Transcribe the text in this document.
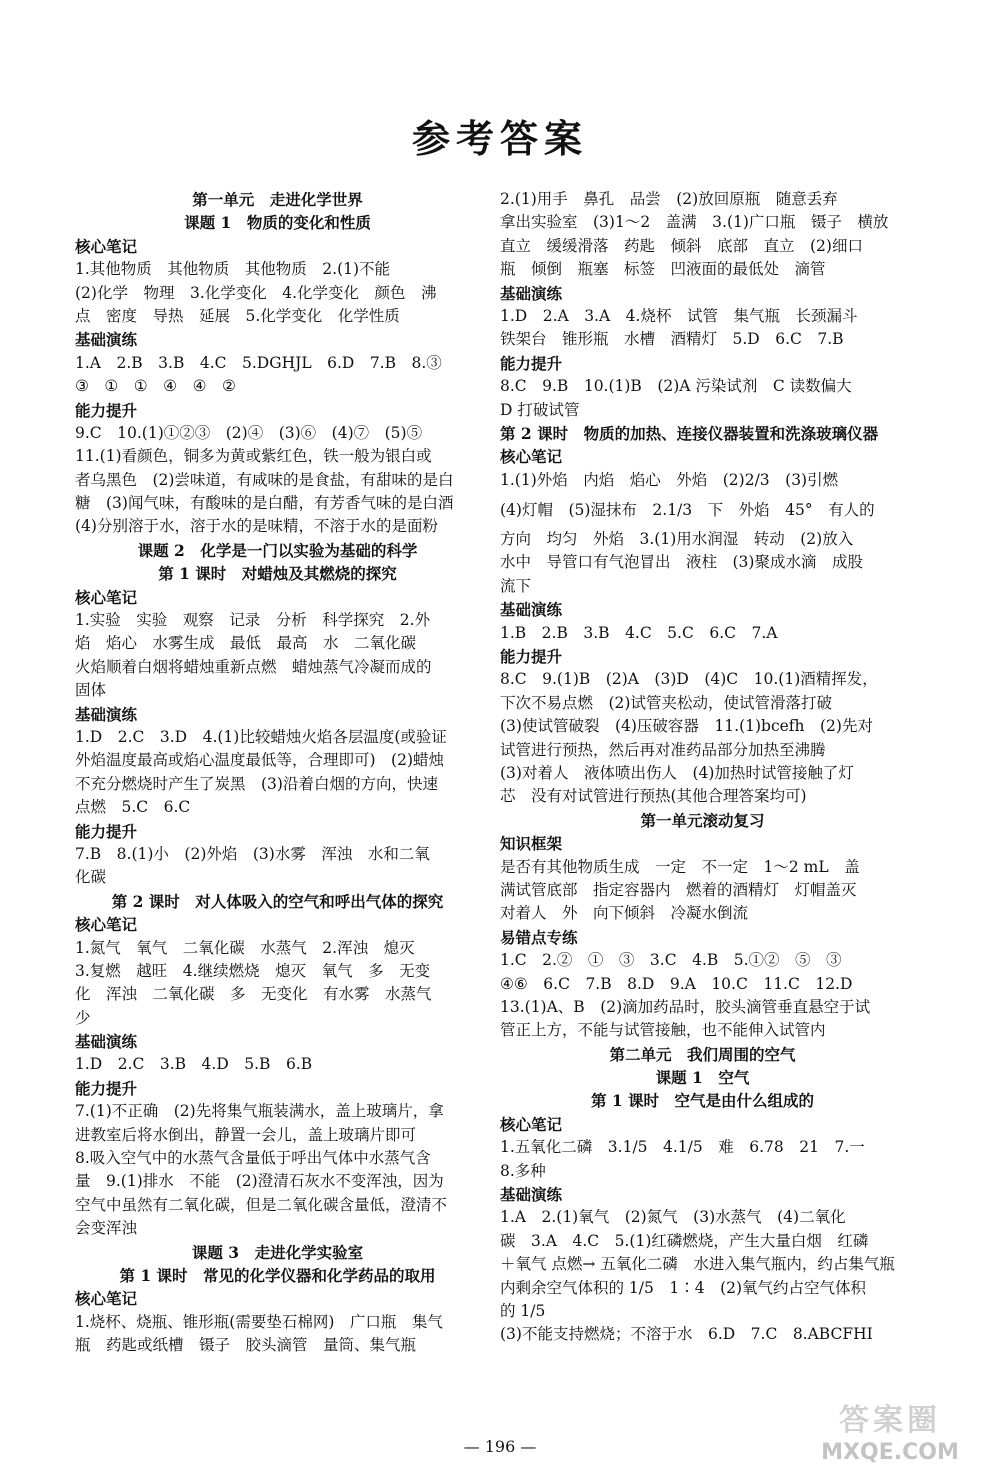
参考答案
第一单元　走进化学世界
课题 1　物质的变化和性质
核心笔记
1.其他物质　其他物质　其他物质　2.(1)不能
(2)化学　物理　3.化学变化　4.化学变化　颜色　沸
点　密度　导热　延展　5.化学变化　化学性质
基础演练
1.A　2.B　3.B　4.C　5.DGHJL　6.D　7.B　8.③
③　①　①　④　④　②
能力提升
9.C　10.(1)①②③　(2)④　(3)⑥　(4)⑦　(5)⑤
11.(1)看颜色，铜多为黄或紫红色，铁一般为银白或
者乌黑色　(2)尝味道，有咸味的是食盐，有甜味的是白
糖　(3)闻气味，有酸味的是白醋，有芳香气味的是白酒
(4)分别溶于水，溶于水的是味精，不溶于水的是面粉
课题 2　化学是一门以实验为基础的科学
第 1 课时　对蜡烛及其燃烧的探究
核心笔记
1.实验　实验　观察　记录　分析　科学探究　2.外
焰　焰心　水雾生成　最低　最高　水　二氧化碳
火焰顺着白烟将蜡烛重新点燃　蜡烛蒸气冷凝而成的
固体
基础演练
1.D　2.C　3.D　4.(1)比较蜡烛火焰各层温度(或验证
外焰温度最高或焰心温度最低等，合理即可)　(2)蜡烛
不充分燃烧时产生了炭黑　(3)沿着白烟的方向，快速
点燃　5.C　6.C
能力提升
7.B　8.(1)小　(2)外焰　(3)水雾　浑浊　水和二氧
化碳
第 2 课时　对人体吸入的空气和呼出气体的探究
核心笔记
1.氮气　氧气　二氧化碳　水蒸气　2.浑浊　熄灭
3.复燃　越旺　4.继续燃烧　熄灭　氧气　多　无变
化　浑浊　二氧化碳　多　无变化　有水雾　水蒸气
少
基础演练
1.D　2.C　3.B　4.D　5.B　6.B
能力提升
7.(1)不正确　(2)先将集气瓶装满水，盖上玻璃片，拿
进教室后将水倒出，静置一会儿，盖上玻璃片即可
8.吸入空气中的水蒸气含量低于呼出气体中水蒸气含
量　9.(1)排水　不能　(2)澄清石灰水不变浑浊，因为
空气中虽然有二氧化碳，但是二氧化碳含量低，澄清不
会变浑浊
课题 3　走进化学实验室
第 1 课时　常见的化学仪器和化学药品的取用
核心笔记
1.烧杯、烧瓶、锥形瓶(需要垫石棉网)　广口瓶　集气
瓶　药匙或纸槽　镊子　胶头滴管　量筒、集气瓶
2.(1)用手　鼻孔　品尝　(2)放回原瓶　随意丢弃
拿出实验室　(3)1～2　盖满　3.(1)广口瓶　镊子　横放
直立　缓缓滑落　药匙　倾斜　底部　直立　(2)细口
瓶　倾倒　瓶塞　标签　凹液面的最低处　滴管
基础演练
1.D　2.A　3.A　4.烧杯　试管　集气瓶　长颈漏斗
铁架台　锥形瓶　水槽　酒精灯　5.D　6.C　7.B
能力提升
8.C　9.B　10.(1)B　(2)A 污染试剂　C 读数偏大
D 打破试管
第 2 课时　物质的加热、连接仪器装置和洗涤玻璃仪器
核心笔记
1.(1)外焰　内焰　焰心　外焰　(2)2/3　(3)引燃
(4)灯帽　(5)湿抹布　2.1/3　下　外焰　45°　有人的
方向　均匀　外焰　3.(1)用水润湿　转动　(2)放入
水中　导管口有气泡冒出　液柱　(3)聚成水滴　成股
流下
基础演练
1.B　2.B　3.B　4.C　5.C　6.C　7.A
能力提升
8.C　9.(1)B　(2)A　(3)D　(4)C　10.(1)酒精挥发，
下次不易点燃　(2)试管夹松动，使试管滑落打破
(3)使试管破裂　(4)压破容器　11.(1)bcefh　(2)先对
试管进行预热，然后再对准药品部分加热至沸腾
(3)对着人　液体喷出伤人　(4)加热时试管接触了灯
芯　没有对试管进行预热(其他合理答案均可)
第一单元滚动复习
知识框架
是否有其他物质生成　一定　不一定　1～2 mL　盖
满试管底部　指定容器内　燃着的酒精灯　灯帽盖灭
对着人　外　向下倾斜　冷凝水倒流
易错点专练
1.C　2.②　①　③　3.C　4.B　5.①②　⑤　③
④⑥　6.C　7.B　8.D　9.A　10.C　11.C　12.D
13.(1)A、B　(2)滴加药品时，胶头滴管垂直悬空于试
管正上方，不能与试管接触，也不能伸入试管内
第二单元　我们周围的空气
课题 1　空气
第 1 课时　空气是由什么组成的
核心笔记
1.五氧化二磷　3.1/5　4.1/5　难　6.78　21　7.一
8.多种
基础演练
1.A　2.(1)氧气　(2)氮气　(3)水蒸气　(4)二氧化
碳　3.A　4.C　5.(1)红磷燃烧，产生大量白烟　红磷
＋氧气 点燃→ 五氧化二磷　水进入集气瓶内，约占集气瓶
内剩余空气体积的 1/5　1∶4　(2)氧气约占空气体积
的 1/5
(3)不能支持燃烧；不溶于水　6.D　7.C　8.ABCFHI
— 196 —
答案圈
MXQE.COM
